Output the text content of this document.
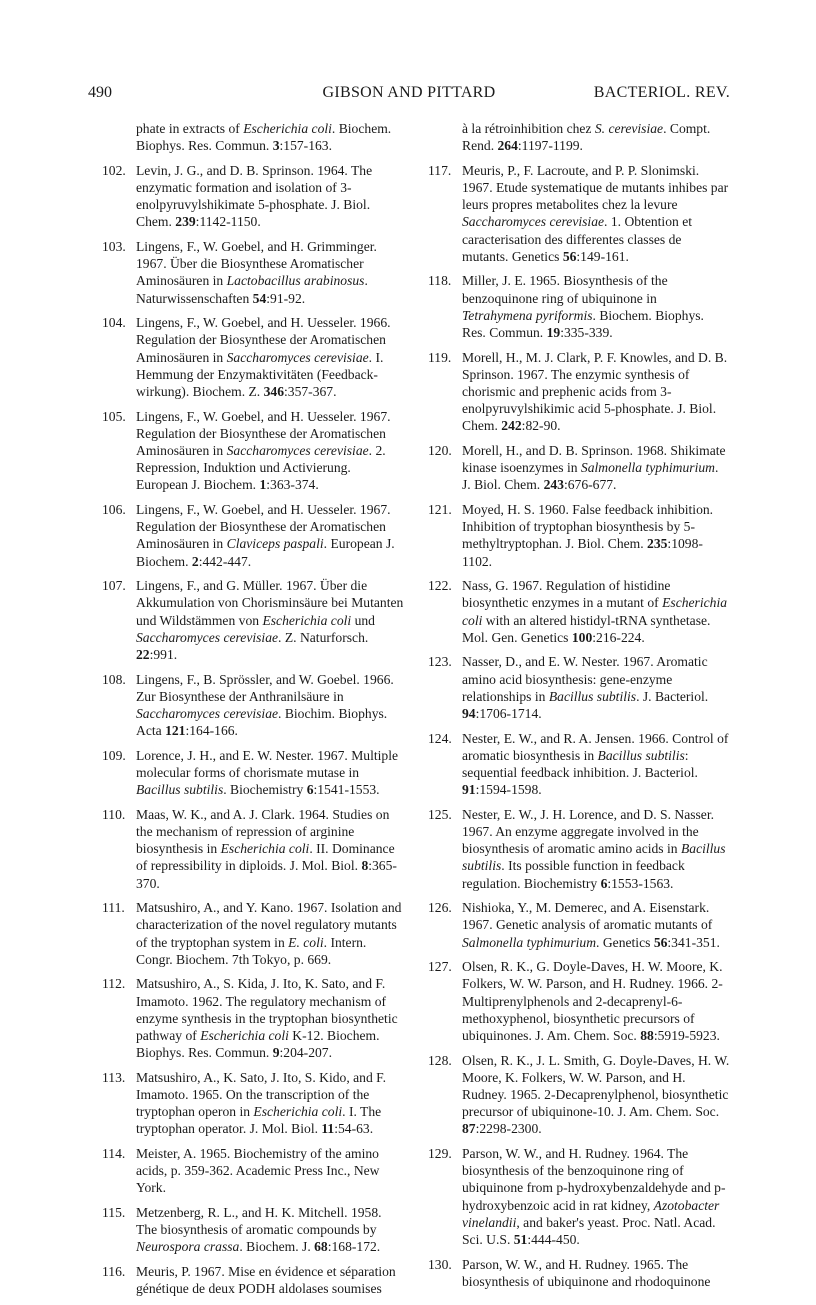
490	GIBSON AND PITTARD	BACTERIOL. REV.

phate in extracts of Escherichia coli. Biochem. Biophys. Res. Commun. 3:157-163.

102. Levin, J. G., and D. B. Sprinson. 1964. The enzymatic formation and isolation of 3-enolpyruvylshikimate 5-phosphate. J. Biol. Chem. 239:1142-1150.

103. Lingens, F., W. Goebel, and H. Grimminger. 1967. Über die Biosynthese Aromatischer Aminosäuren in Lactobacillus arabinosus. Naturwissenschaften 54:91-92.

104. Lingens, F., W. Goebel, and H. Uesseler. 1966. Regulation der Biosynthese der Aromatischen Aminosäuren in Saccharomyces cerevisiae. I. Hemmung der Enzymaktivitäten (Feedback-wirkung). Biochem. Z. 346:357-367.

105. Lingens, F., W. Goebel, and H. Uesseler. 1967. Regulation der Biosynthese der Aromatischen Aminosäuren in Saccharomyces cerevisiae. 2. Repression, Induktion und Activierung. European J. Biochem. 1:363-374.

106. Lingens, F., W. Goebel, and H. Uesseler. 1967. Regulation der Biosynthese der Aromatischen Aminosäuren in Claviceps paspali. European J. Biochem. 2:442-447.

107. Lingens, F., and G. Müller. 1967. Über die Akkumulation von Chorisminsäure bei Mutanten und Wildstämmen von Escherichia coli und Saccharomyces cerevisiae. Z. Naturforsch. 22:991.

108. Lingens, F., B. Sprössler, and W. Goebel. 1966. Zur Biosynthese der Anthranilsäure in Saccharomyces cerevisiae. Biochim. Biophys. Acta 121:164-166.

109. Lorence, J. H., and E. W. Nester. 1967. Multiple molecular forms of chorismate mutase in Bacillus subtilis. Biochemistry 6:1541-1553.

110. Maas, W. K., and A. J. Clark. 1964. Studies on the mechanism of repression of arginine biosynthesis in Escherichia coli. II. Dominance of repressibility in diploids. J. Mol. Biol. 8:365-370.

111. Matsushiro, A., and Y. Kano. 1967. Isolation and characterization of the novel regulatory mutants of the tryptophan system in E. coli. Intern. Congr. Biochem. 7th Tokyo, p. 669.

112. Matsushiro, A., S. Kida, J. Ito, K. Sato, and F. Imamoto. 1962. The regulatory mechanism of enzyme synthesis in the tryptophan biosynthetic pathway of Escherichia coli K-12. Biochem. Biophys. Res. Commun. 9:204-207.

113. Matsushiro, A., K. Sato, J. Ito, S. Kido, and F. Imamoto. 1965. On the transcription of the tryptophan operon in Escherichia coli. I. The tryptophan operator. J. Mol. Biol. 11:54-63.

114. Meister, A. 1965. Biochemistry of the amino acids, p. 359-362. Academic Press Inc., New York.

115. Metzenberg, R. L., and H. K. Mitchell. 1958. The biosynthesis of aromatic compounds by Neurospora crassa. Biochem. J. 68:168-172.

116. Meuris, P. 1967. Mise en évidence et séparation génétique de deux PODH aldolases soumises

à la rétroinhibition chez S. cerevisiae. Compt. Rend. 264:1197-1199.

117. Meuris, P., F. Lacroute, and P. P. Slonimski. 1967. Etude systematique de mutants inhibes par leurs propres metabolites chez la levure Saccharomyces cerevisiae. 1. Obtention et caracterisation des differentes classes de mutants. Genetics 56:149-161.

118. Miller, J. E. 1965. Biosynthesis of the benzoquinone ring of ubiquinone in Tetrahymena pyriformis. Biochem. Biophys. Res. Commun. 19:335-339.

119. Morell, H., M. J. Clark, P. F. Knowles, and D. B. Sprinson. 1967. The enzymic synthesis of chorismic and prephenic acids from 3-enolpyruvylshikimic acid 5-phosphate. J. Biol. Chem. 242:82-90.

120. Morell, H., and D. B. Sprinson. 1968. Shikimate kinase isoenzymes in Salmonella typhimurium. J. Biol. Chem. 243:676-677.

121. Moyed, H. S. 1960. False feedback inhibition. Inhibition of tryptophan biosynthesis by 5-methyltryptophan. J. Biol. Chem. 235:1098-1102.

122. Nass, G. 1967. Regulation of histidine biosynthetic enzymes in a mutant of Escherichia coli with an altered histidyl-tRNA synthetase. Mol. Gen. Genetics 100:216-224.

123. Nasser, D., and E. W. Nester. 1967. Aromatic amino acid biosynthesis: gene-enzyme relationships in Bacillus subtilis. J. Bacteriol. 94:1706-1714.

124. Nester, E. W., and R. A. Jensen. 1966. Control of aromatic biosynthesis in Bacillus subtilis: sequential feedback inhibition. J. Bacteriol. 91:1594-1598.

125. Nester, E. W., J. H. Lorence, and D. S. Nasser. 1967. An enzyme aggregate involved in the biosynthesis of aromatic amino acids in Bacillus subtilis. Its possible function in feedback regulation. Biochemistry 6:1553-1563.

126. Nishioka, Y., M. Demerec, and A. Eisenstark. 1967. Genetic analysis of aromatic mutants of Salmonella typhimurium. Genetics 56:341-351.

127. Olsen, R. K., G. Doyle-Daves, H. W. Moore, K. Folkers, W. W. Parson, and H. Rudney. 1966. 2-Multiprenylphenols and 2-decaprenyl-6-methoxyphenol, biosynthetic precursors of ubiquinones. J. Am. Chem. Soc. 88:5919-5923.

128. Olsen, R. K., J. L. Smith, G. Doyle-Daves, H. W. Moore, K. Folkers, W. W. Parson, and H. Rudney. 1965. 2-Decaprenylphenol, biosynthetic precursor of ubiquinone-10. J. Am. Chem. Soc. 87:2298-2300.

129. Parson, W. W., and H. Rudney. 1964. The biosynthesis of the benzoquinone ring of ubiquinone from p-hydroxybenzaldehyde and p-hydroxybenzoic acid in rat kidney, Azotobacter vinelandii, and baker's yeast. Proc. Natl. Acad. Sci. U.S. 51:444-450.

130. Parson, W. W., and H. Rudney. 1965. The biosynthesis of ubiquinone and rhodoquinone
